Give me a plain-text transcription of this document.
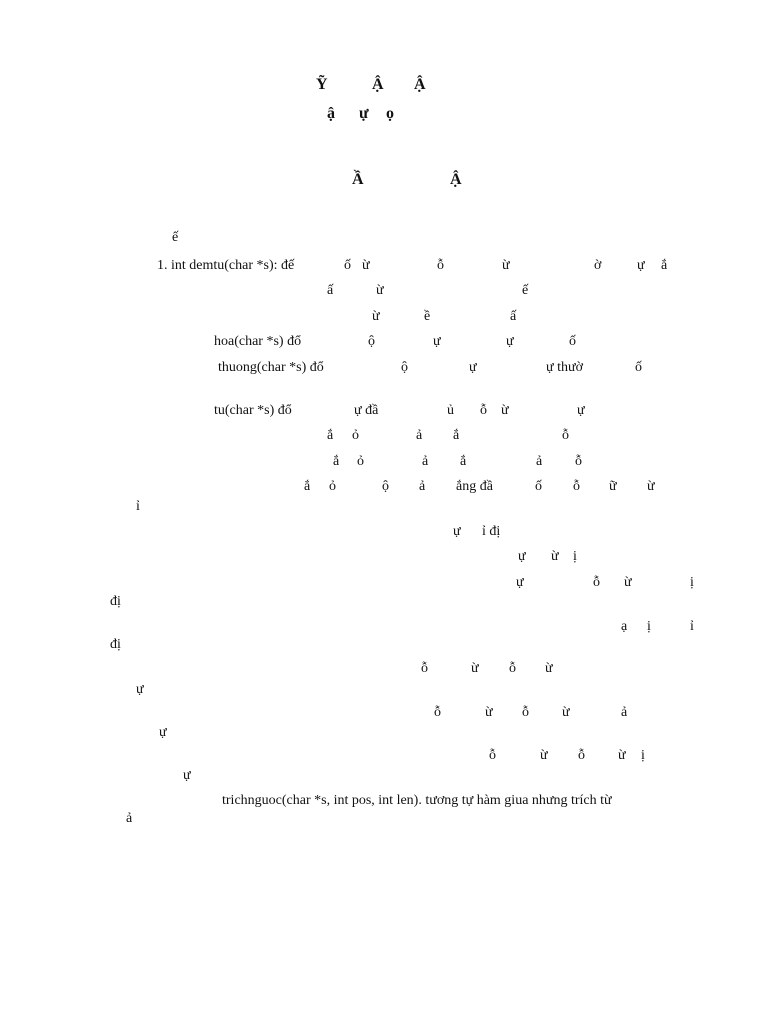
Ỹ	Ậ Ậ
ậ ự ọ
Ầ	Ậ
ế
1. int demtu(char *s): đế	ố ừ	ỗ	ừ	ờ	ự ắ
ấ	ừ	ế
ừ	ề	ấ
hoa(char *s) đổ	ộ	ự	ự	ố
thuong(char *s) đổ	ộ	ự	ự thườ	ố
tu(char *s) đổ	ự đầ	ủ ỗ ừ	ự
ắ ỏ	ả ắ	ỗ
ắ ỏ	ả ắ	ả ỗ
ắ ỏ	ộ ả ắng đầ	ố ỗ ữ ừ
ỉ
ự ỉ đị
ự ừ ị
ự	ỗ ừ	ị
đị
ạ ị	ỉ
đị
ỗ	ừ ỗ ừ
ự
ỗ	ừ ỗ ừ	ả
ự
ỗ	ừ ỗ ừ ị
ự
trichnguoc(char *s, int pos, int len). tương tự hàm giua nhưng trích từ
ả
